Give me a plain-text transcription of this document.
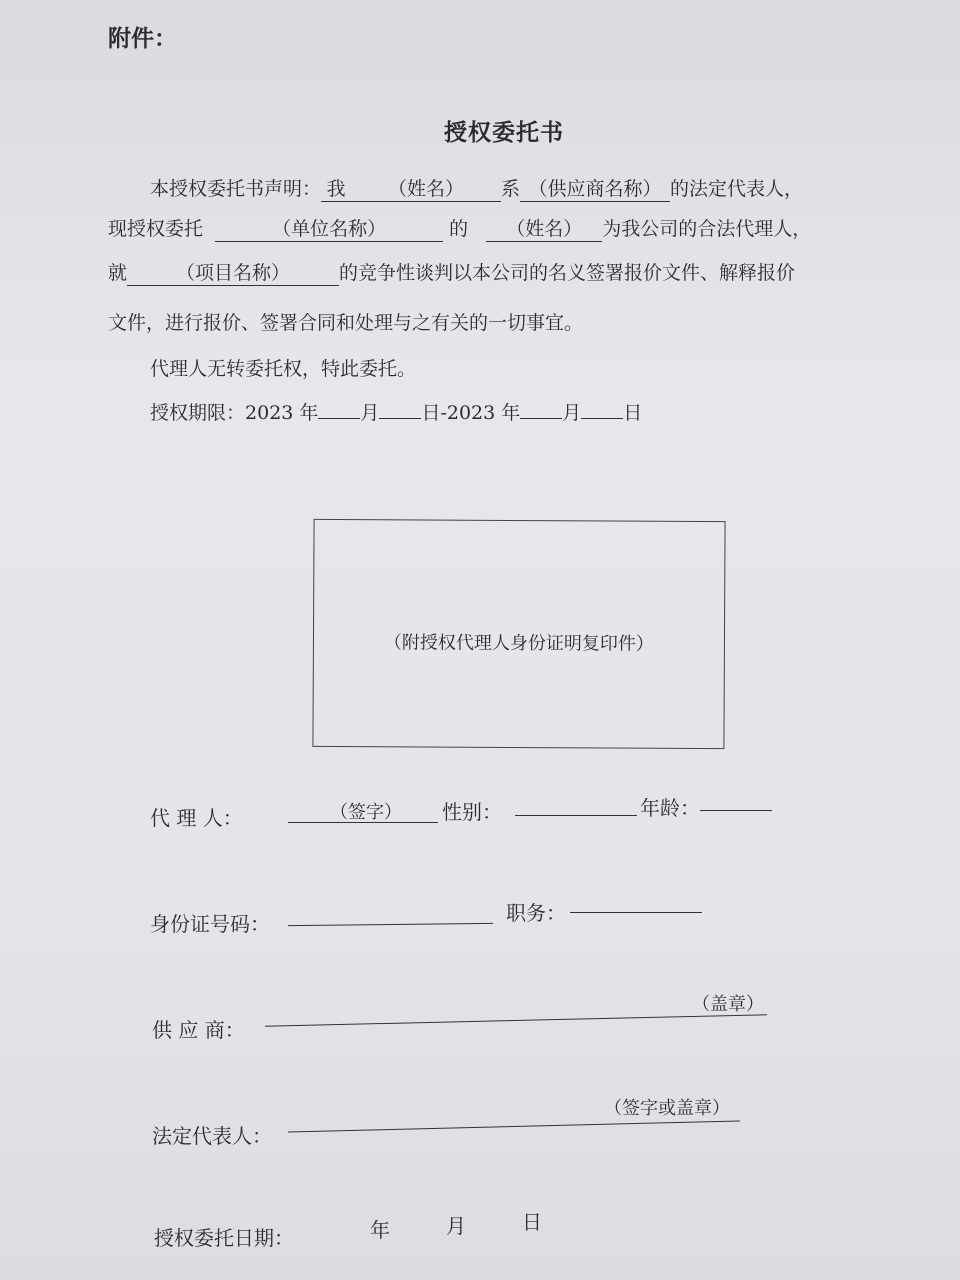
附件：
授权委托书
本授权委托书声明： 我 （姓名） 系 （供应商名称） 的法定代表人，
现授权委托	（单位名称）	的 （姓名） 为我公司的合法代理人，
就	（项目名称）	的竞争性谈判以本公司的名义签署报价文件、解释报价
文件，进行报价、签署合同和处理与之有关的一切事宜。
代理人无转委托权，特此委托。
授权期限：2023 年 月 日-2023 年 月 日
（附授权代理人身份证明复印件）
代 理 人：	（签字） 性别：	年龄：
身份证号码：	职务：
供 应 商：
（盖章）
法定代表人：
（签字或盖章）
授权委托日期：	年	月	日
